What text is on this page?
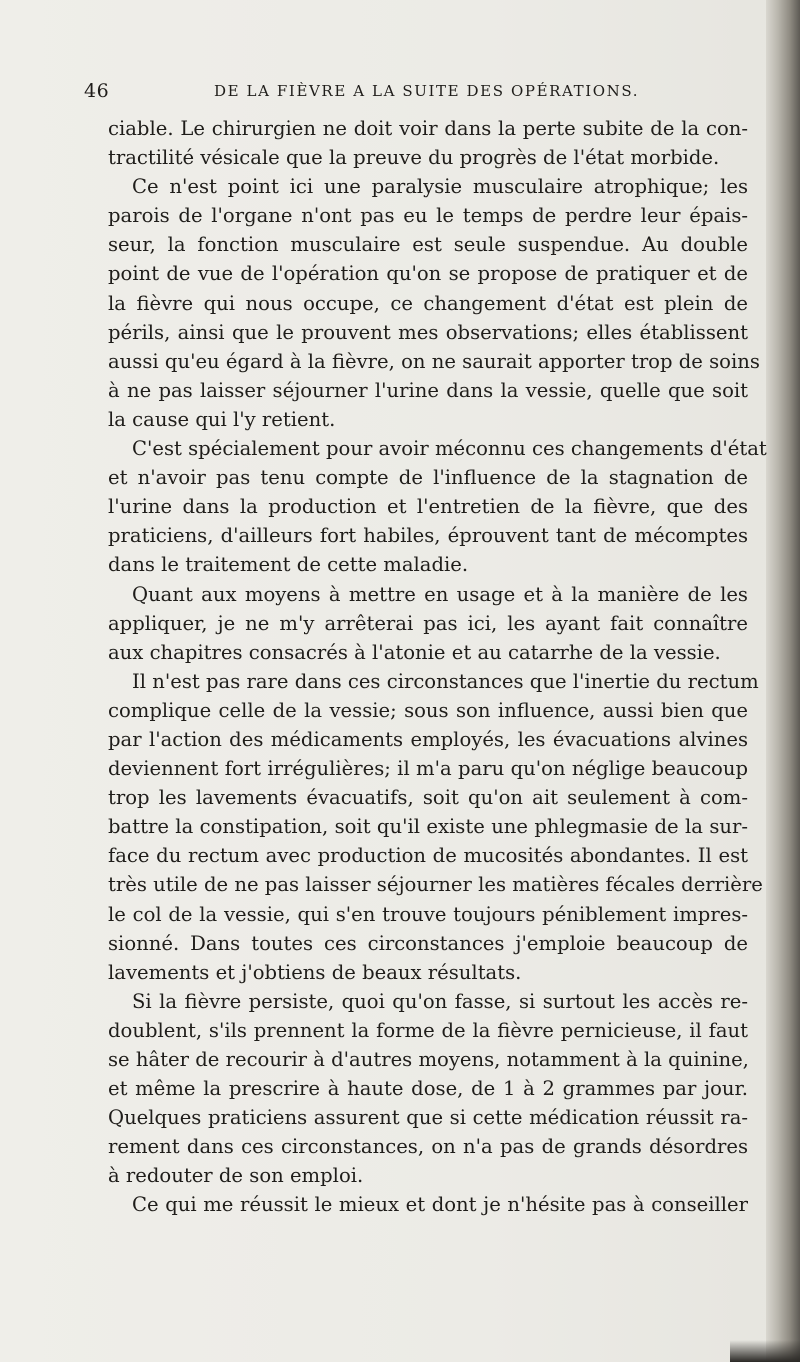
46	DE LA FIÈVRE A LA SUITE DES OPÉRATIONS.
ciable. Le chirurgien ne doit voir dans la perte subite de la con-
tractilité vésicale que la preuve du progrès de l'état morbide.
Ce n'est point ici une paralysie musculaire atrophique; les
parois de l'organe n'ont pas eu le temps de perdre leur épais-
seur, la fonction musculaire est seule suspendue. Au double
point de vue de l'opération qu'on se propose de pratiquer et de
la fièvre qui nous occupe, ce changement d'état est plein de
périls, ainsi que le prouvent mes observations; elles établissent
aussi qu'eu égard à la fièvre, on ne saurait apporter trop de soins
à ne pas laisser séjourner l'urine dans la vessie, quelle que soit
la cause qui l'y retient.
C'est spécialement pour avoir méconnu ces changements d'état
et n'avoir pas tenu compte de l'influence de la stagnation de
l'urine dans la production et l'entretien de la fièvre, que des
praticiens, d'ailleurs fort habiles, éprouvent tant de mécomptes
dans le traitement de cette maladie.
Quant aux moyens à mettre en usage et à la manière de les
appliquer, je ne m'y arrêterai pas ici, les ayant fait connaître
aux chapitres consacrés à l'atonie et au catarrhe de la vessie.
Il n'est pas rare dans ces circonstances que l'inertie du rectum
complique celle de la vessie; sous son influence, aussi bien que
par l'action des médicaments employés, les évacuations alvines
deviennent fort irrégulières; il m'a paru qu'on néglige beaucoup
trop les lavements évacuatifs, soit qu'on ait seulement à com-
battre la constipation, soit qu'il existe une phlegmasie de la sur-
face du rectum avec production de mucosités abondantes. Il est
très utile de ne pas laisser séjourner les matières fécales derrière
le col de la vessie, qui s'en trouve toujours péniblement impres-
sionné. Dans toutes ces circonstances j'emploie beaucoup de
lavements et j'obtiens de beaux résultats.
Si la fièvre persiste, quoi qu'on fasse, si surtout les accès re-
doublent, s'ils prennent la forme de la fièvre pernicieuse, il faut
se hâter de recourir à d'autres moyens, notamment à la quinine,
et même la prescrire à haute dose, de 1 à 2 grammes par jour.
Quelques praticiens assurent que si cette médication réussit ra-
rement dans ces circonstances, on n'a pas de grands désordres
à redouter de son emploi.
Ce qui me réussit le mieux et dont je n'hésite pas à conseiller
